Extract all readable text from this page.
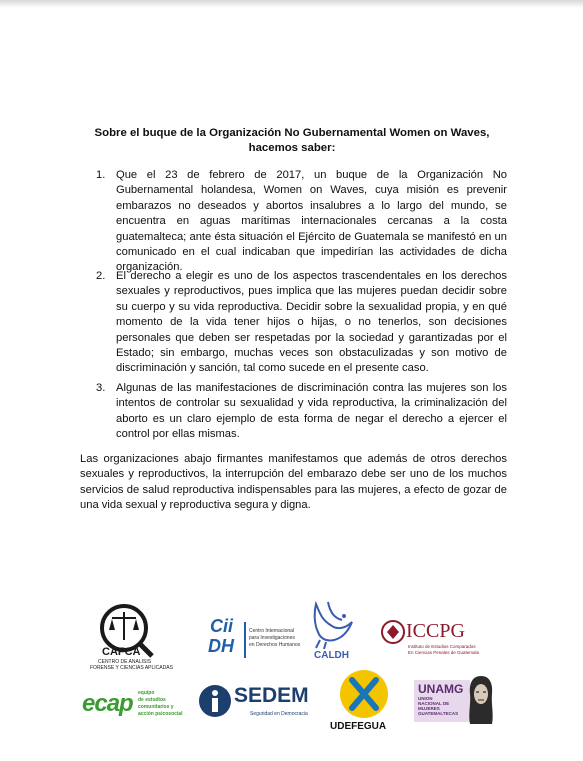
Sobre el buque de la Organización No Gubernamental Women on Waves, hacemos saber:
1. Que el 23 de febrero de 2017, un buque de la Organización No Gubernamental holandesa, Women on Waves, cuya misión es prevenir embarazos no deseados y abortos insalubres a lo largo del mundo, se encuentra en aguas marítimas internacionales cercanas a la costa guatemalteca; ante ésta situación el Ejército de Guatemala se manifestó en un comunicado en el cual indicaban que impedirían las actividades de dicha organización.
2. El derecho a elegir es uno de los aspectos trascendentales en los derechos sexuales y reproductivos, pues implica que las mujeres puedan decidir sobre su cuerpo y su vida reproductiva. Decidir sobre la sexualidad propia, y en qué momento de la vida tener hijos o hijas, o no tenerlos, son decisiones personales que deben ser respetadas por la sociedad y garantizadas por el Estado; sin embargo, muchas veces son obstaculizadas y son motivo de discriminación y sanción, tal como sucede en el presente caso.
3. Algunas de las manifestaciones de discriminación contra las mujeres son los intentos de controlar su sexualidad y vida reproductiva, la criminalización del aborto es un claro ejemplo de esta forma de negar el derecho a ejercer el control por ellas mismas.
Las organizaciones abajo firmantes manifestamos que además de otros derechos sexuales y reproductivos, la interrupción del embarazo debe ser uno de los muchos servicios de salud reproductiva indispensables para las mujeres, a efecto de gozar de una vida sexual y reproductiva segura y digna.
CAFCA
CENTRO DE ANALISIS
FORENSE Y CIENCIAS APLICADAS
Cii
DH
Centro Internacional
para Investigaciones
en Derechos Humanos
CALDH
ICCPG
Instituto de Estudios Comparados
En Ciencias Penales de Guatemala
ecap equipo
de estudios
comunitarios y
acción psicosocial
SEDEM
Seguridad en Democracia
UDEFEGUA
UNAMG
UNION
NACIONAL DE
MUJERES
GUATEMALTECAS
